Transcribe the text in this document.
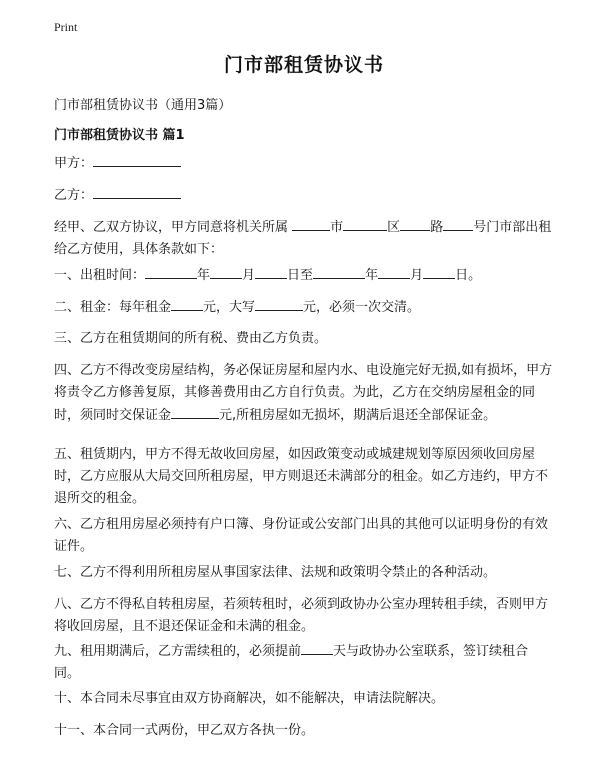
Print
门市部租赁协议书
门市部租赁协议书（通用3篇）
门市部租赁协议书 篇1

甲方：

乙方：

经甲、乙双方协议，甲方同意将机关所属	市	区 路 号门市部出租给乙方使用，具体条款如下：

一、出租时间：	年 月 日至	年 月 日。

二、租金：每年租金 元，大写	元，必须一次交清。

三、乙方在租赁期间的所有税、费由乙方负责。

四、乙方不得改变房屋结构，务必保证房屋和屋内水、电设施完好无损,如有损坏，甲方将责令乙方修善复原，其修善费用由乙方自行负责。为此，乙方在交纳房屋租金的同时，须同时交保证金	元,所租房屋如无损坏，期满后退还全部保证金。

五、租赁期内，甲方不得无故收回房屋，如因政策变动或城建规划等原因须收回房屋时，乙方应服从大局交回所租房屋，甲方则退还未满部分的租金。如乙方违约，甲方不退所交的租金。

六、乙方租用房屋必须持有户口簿、身份证或公安部门出具的其他可以证明身份的有效证件。

七、乙方不得利用所租房屋从事国家法律、法规和政策明令禁止的各种活动。

八、乙方不得私自转租房屋，若须转租时，必须到政协办公室办理转租手续，否则甲方将收回房屋，且不退还保证金和未满的租金。

九、租用期满后，乙方需续租的，必须提前 天与政协办公室联系，签订续租合同。

十、本合同未尽事宜由双方协商解决，如不能解决，申请法院解决。

十一、本合同一式两份，甲乙双方各执一份。
